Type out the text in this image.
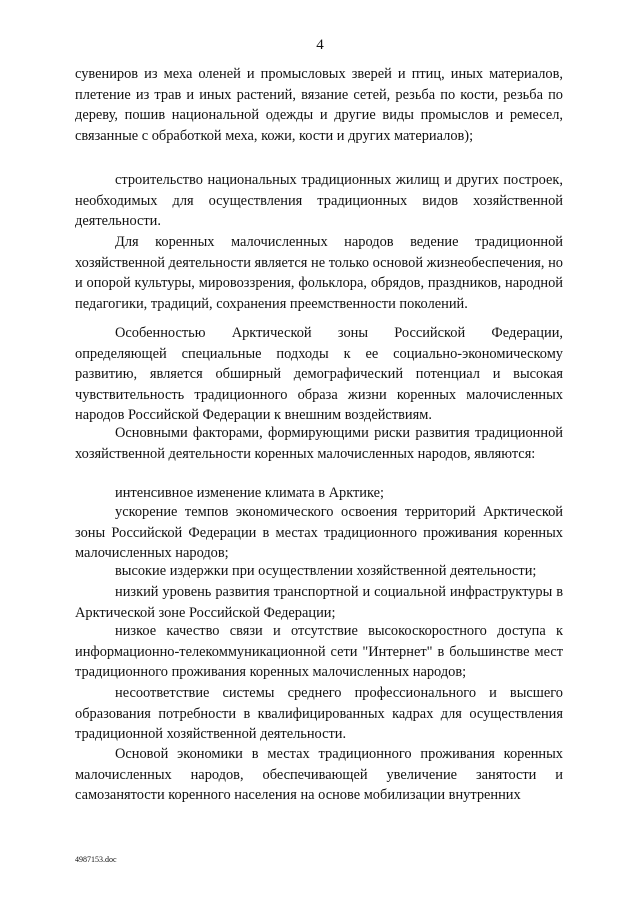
4

сувениров из меха оленей и промысловых зверей и птиц, иных материалов, плетение из трав и иных растений, вязание сетей, резьба по кости, резьба по дереву, пошив национальной одежды и другие виды промыслов и ремесел, связанные с обработкой меха, кожи, кости и других материалов);

строительство национальных традиционных жилищ и других построек, необходимых для осуществления традиционных видов хозяйственной деятельности.

Для коренных малочисленных народов ведение традиционной хозяйственной деятельности является не только основой жизнеобеспечения, но и опорой культуры, мировоззрения, фольклора, обрядов, праздников, народной педагогики, традиций, сохранения преемственности поколений.

Особенностью Арктической зоны Российской Федерации, определяющей специальные подходы к ее социально-экономическому развитию, является обширный демографический потенциал и высокая чувствительность традиционного образа жизни коренных малочисленных народов Российской Федерации к внешним воздействиям.

Основными факторами, формирующими риски развития традиционной хозяйственной деятельности коренных малочисленных народов, являются:

интенсивное изменение климата в Арктике;

ускорение темпов экономического освоения территорий Арктической зоны Российской Федерации в местах традиционного проживания коренных малочисленных народов;

высокие издержки при осуществлении хозяйственной деятельности;

низкий уровень развития транспортной и социальной инфраструктуры в Арктической зоне Российской Федерации;

низкое качество связи и отсутствие высокоскоростного доступа к информационно-телекоммуникационной сети "Интернет" в большинстве мест традиционного проживания коренных малочисленных народов;

несоответствие системы среднего профессионального и высшего образования потребности в квалифицированных кадрах для осуществления традиционной хозяйственной деятельности.

Основой экономики в местах традиционного проживания коренных малочисленных народов, обеспечивающей увеличение занятости и самозанятости коренного населения на основе мобилизации внутренних

4987153.doc
